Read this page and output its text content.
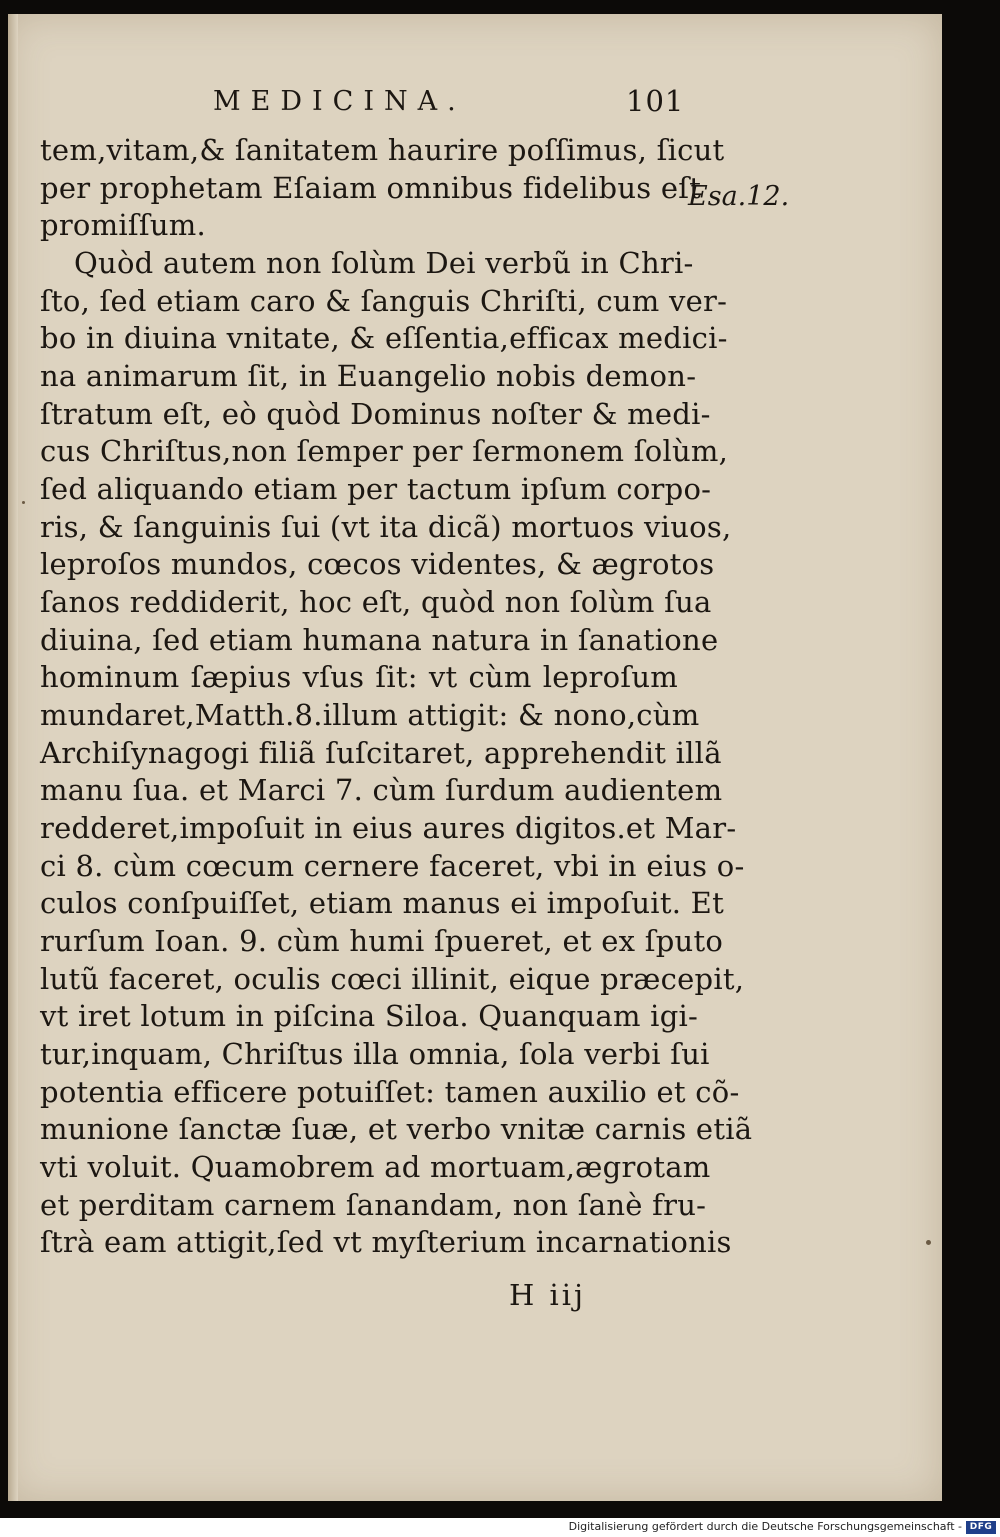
MEDICINA.	101
Esa.12.
tem,vitam,& ſanitatem haurire poſſimus, ſicut
per prophetam Eſaiam omnibus fidelibus eſt
promiſſum.
Quòd autem non ſolùm Dei verbũ in Chri-
ſto, ſed etiam caro & ſanguis Chriſti, cum ver-
bo in diuina vnitate, & eſſentia,efficax medici-
na animarum ſit, in Euangelio nobis demon-
ſtratum eſt, eò quòd Dominus noſter & medi-
cus Chriſtus,non ſemper per ſermonem ſolùm,
ſed aliquando etiam per tactum ipſum corpo-
ris, & ſanguinis ſui (vt ita dicã) mortuos viuos,
leproſos mundos, cœcos videntes, & ægrotos
ſanos reddiderit, hoc eſt, quòd non ſolùm ſua
diuina, ſed etiam humana natura in ſanatione
hominum ſæpius vſus ſit: vt cùm leproſum
mundaret,Matth.8.illum attigit: & nono,cùm
Archiſynagogi filiã ſuſcitaret, apprehendit illã
manu ſua. et Marci 7. cùm ſurdum audientem
redderet,impoſuit in eius aures digitos.et Mar-
ci 8. cùm cœcum cernere faceret, vbi in eius o-
culos conſpuiſſet, etiam manus ei impoſuit. Et
rurſum Ioan. 9. cùm humi ſpueret, et ex ſputo
lutũ faceret, oculis cœci illinit, eique præcepit,
vt iret lotum in piſcina Siloa. Quanquam igi-
tur,inquam, Chriſtus illa omnia, ſola verbi ſui
potentia efficere potuiſſet: tamen auxilio et cõ-
munione ſanctæ ſuæ, et verbo vnitæ carnis etiã
vti voluit. Quamobrem ad mortuam,ægrotam
et perditam carnem ſanandam, non ſanè fru-
ſtrà eam attigit,ſed vt myſterium incarnationis
H iij
Digitalisierung gefördert durch die Deutsche Forschungsgemeinschaft - DFG
